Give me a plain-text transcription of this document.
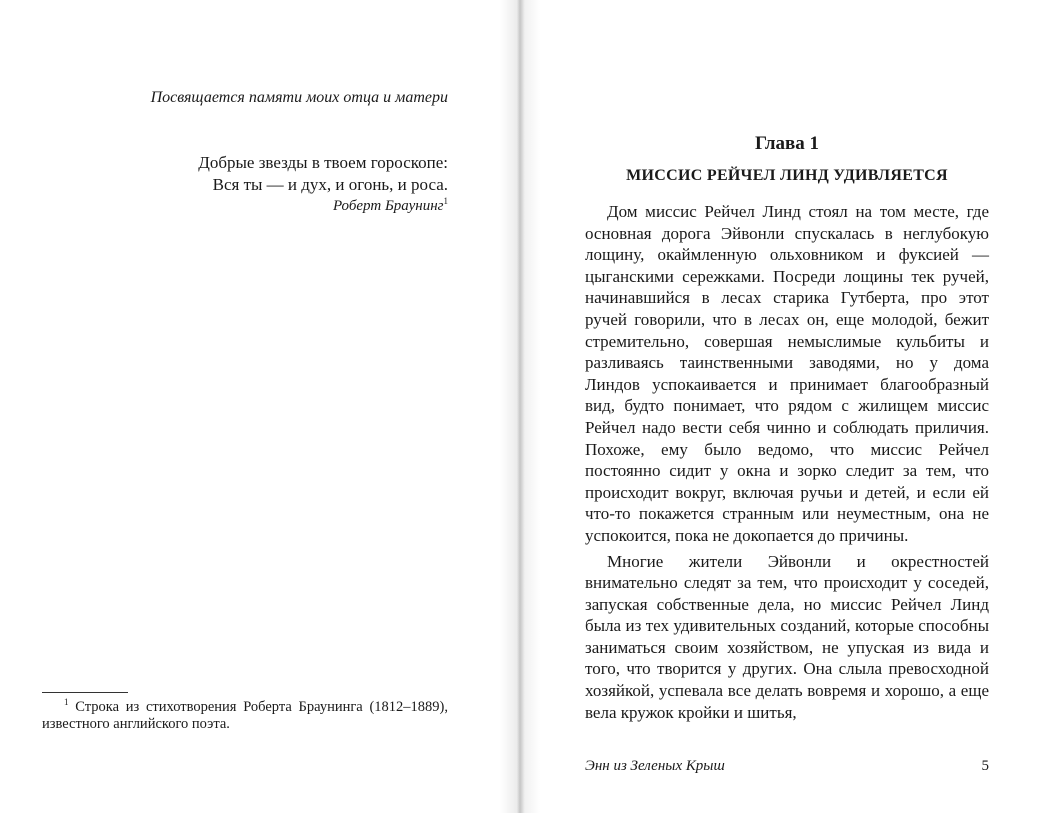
Посвящается памяти моих отца и матери
Добрые звезды в твоем гороскопе:
Вся ты — и дух, и огонь, и роса.
Роберт Браунинг$^1$
$^1$ Строка из стихотворения Роберта Браунинга (1812–1889), известного английского поэта.
Глава 1
МИССИС РЕЙЧЕЛ ЛИНД УДИВЛЯЕТСЯ

Дом миссис Рейчел Линд стоял на том месте, где основная дорога Эйвонли спускалась в неглубокую лощину, окаймленную ольховником и фуксией — цыганскими сережками. Посреди лощины тек ручей, начинавшийся в лесах старика Гутберта, про этот ручей говорили, что в лесах он, еще молодой, бежит стремительно, совершая немыслимые кульбиты и разливаясь таинственными заводями, но у дома Линдов успокаивается и принимает благообразный вид, будто понимает, что рядом с жилищем миссис Рейчел надо вести себя чинно и соблюдать приличия. Похоже, ему было ведомо, что миссис Рейчел постоянно сидит у окна и зорко следит за тем, что происходит вокруг, включая ручьи и детей, и если ей что-то покажется странным или неуместным, она не успокоится, пока не докопается до причины.

Многие жители Эйвонли и окрестностей внимательно следят за тем, что происходит у соседей, запуская собственные дела, но миссис Рейчел Линд была из тех удивительных созданий, которые способны заниматься своим хозяйством, не упуская из вида и того, что творится у других. Она слыла превосходной хозяйкой, успевала все делать вовремя и хорошо, а еще вела кружок кройки и шитья,

Энн из Зеленых Крыш	5
